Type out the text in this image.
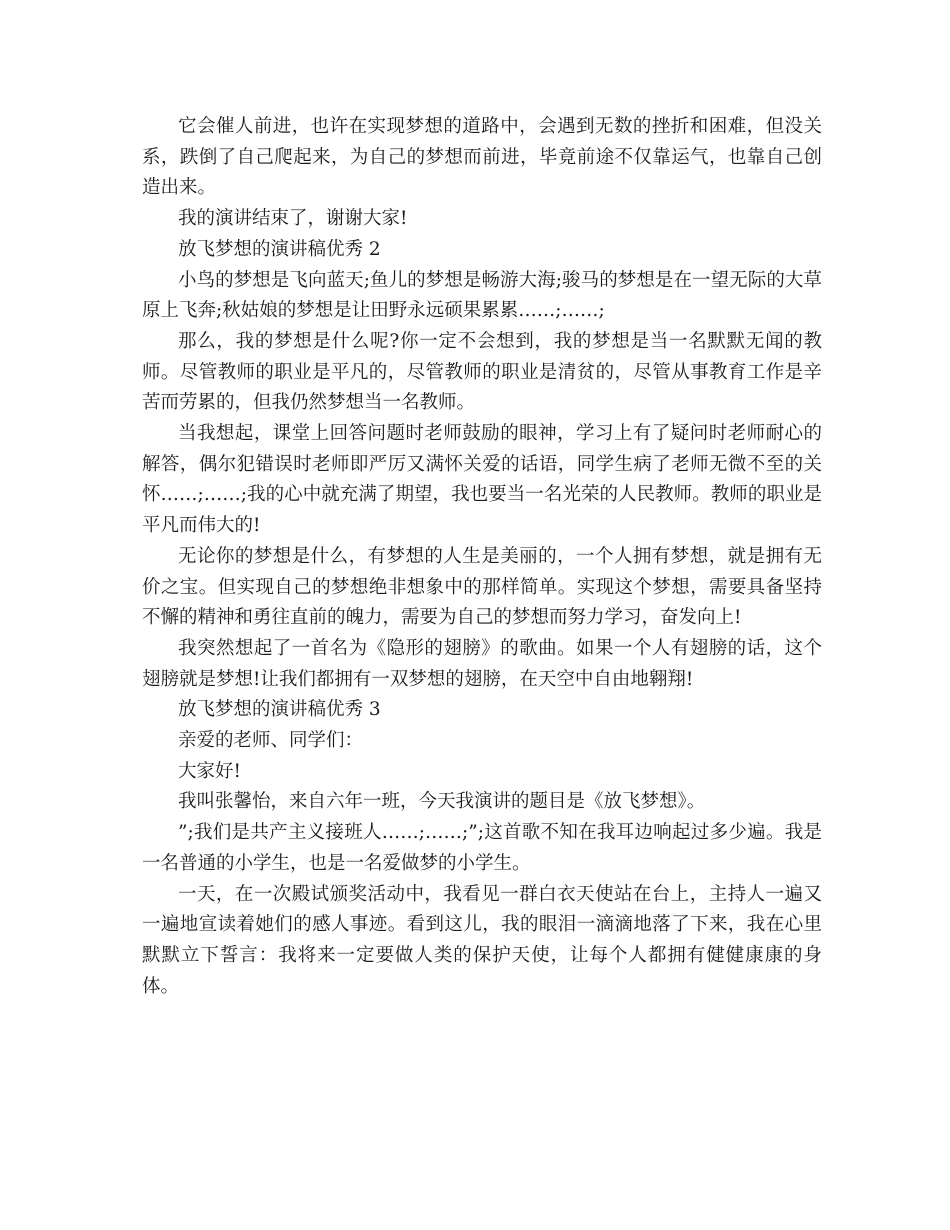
它会催人前进，也许在实现梦想的道路中，会遇到无数的挫折和困难，但没关系，跌倒了自己爬起来，为自己的梦想而前进，毕竟前途不仅靠运气，也靠自己创造出来。

我的演讲结束了，谢谢大家!

放飞梦想的演讲稿优秀 2

小鸟的梦想是飞向蓝天;鱼儿的梦想是畅游大海;骏马的梦想是在一望无际的大草原上飞奔;秋姑娘的梦想是让田野永远硕果累累……;……;

那么，我的梦想是什么呢?你一定不会想到，我的梦想是当一名默默无闻的教师。尽管教师的职业是平凡的，尽管教师的职业是清贫的，尽管从事教育工作是辛苦而劳累的，但我仍然梦想当一名教师。

当我想起，课堂上回答问题时老师鼓励的眼神，学习上有了疑问时老师耐心的解答，偶尔犯错误时老师即严厉又满怀关爱的话语，同学生病了老师无微不至的关怀……;……;我的心中就充满了期望，我也要当一名光荣的人民教师。教师的职业是平凡而伟大的!

无论你的梦想是什么，有梦想的人生是美丽的，一个人拥有梦想，就是拥有无价之宝。但实现自己的梦想绝非想象中的那样简单。实现这个梦想，需要具备坚持不懈的精神和勇往直前的魄力，需要为自己的梦想而努力学习，奋发向上!

我突然想起了一首名为《隐形的翅膀》的歌曲。如果一个人有翅膀的话，这个翅膀就是梦想!让我们都拥有一双梦想的翅膀，在天空中自由地翱翔!

放飞梦想的演讲稿优秀 3

亲爱的老师、同学们：

大家好!

我叫张馨怡，来自六年一班，今天我演讲的题目是《放飞梦想》。

”;我们是共产主义接班人……;……;”;这首歌不知在我耳边响起过多少遍。我是一名普通的小学生，也是一名爱做梦的小学生。

一天，在一次殿试颁奖活动中，我看见一群白衣天使站在台上，主持人一遍又一遍地宣读着她们的感人事迹。看到这儿，我的眼泪一滴滴地落了下来，我在心里默默立下誓言：我将来一定要做人类的保护天使，让每个人都拥有健健康康的身体。
